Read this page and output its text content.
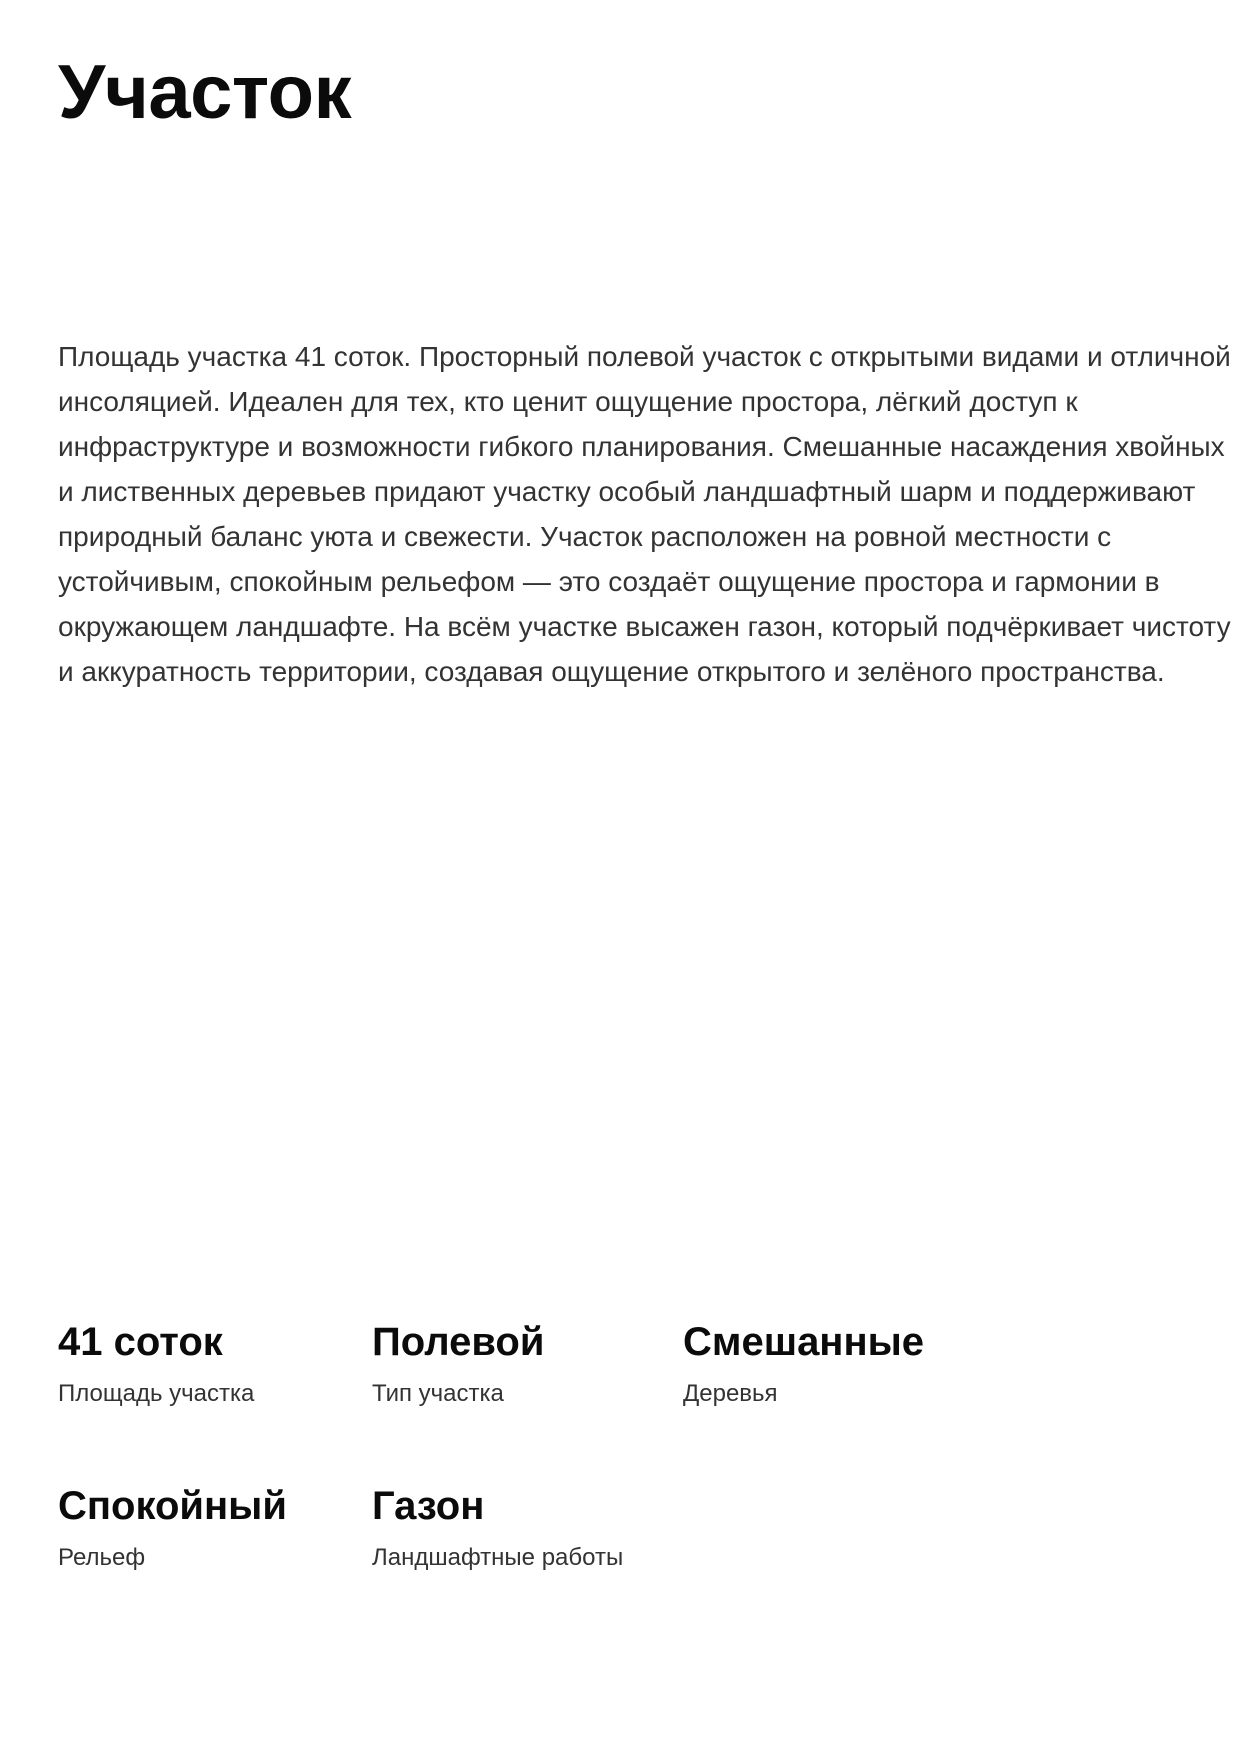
Участок
Площадь участка 41 соток. Просторный полевой участок с открытыми видами и отличной
инсоляцией. Идеален для тех, кто ценит ощущение простора, лёгкий доступ к
инфраструктуре и возможности гибкого планирования. Смешанные насаждения хвойных
и лиственных деревьев придают участку особый ландшафтный шарм и поддерживают
природный баланс уюта и свежести. Участок расположен на ровной местности с
устойчивым, спокойным рельефом — это создаёт ощущение простора и гармонии в
окружающем ландшафте. На всём участке высажен газон, который подчёркивает чистоту
и аккуратность территории, создавая ощущение открытого и зелёного пространства.
41 соток
Площадь участка
Полевой
Тип участка
Смешанные
Деревья
Спокойный
Рельеф
Газон
Ландшафтные работы
